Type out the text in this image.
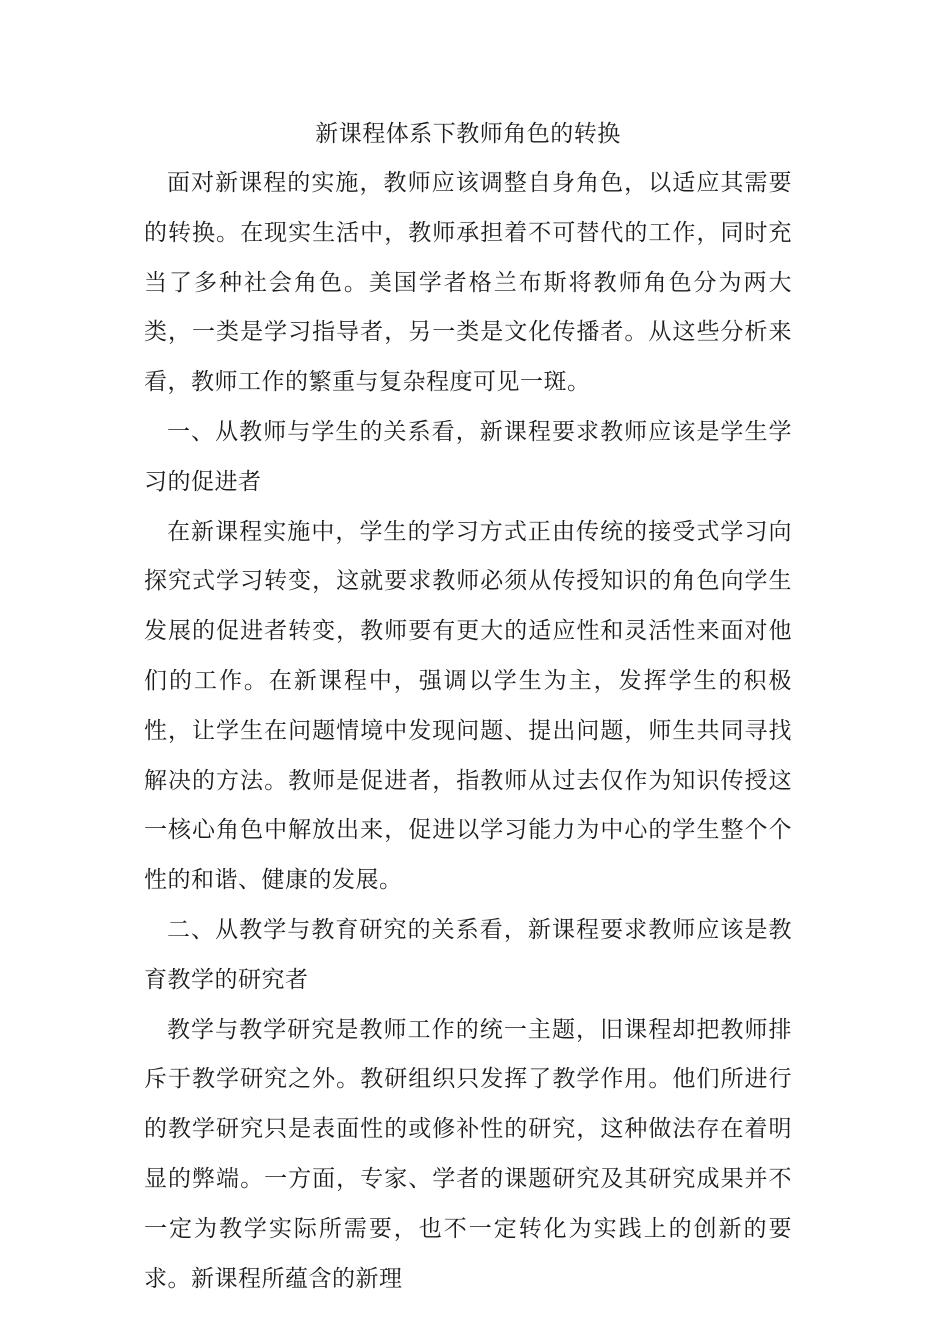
新课程体系下教师角色的转换

面对新课程的实施，教师应该调整自身角色，以适应其需要的转换。在现实生活中，教师承担着不可替代的工作，同时充当了多种社会角色。美国学者格兰布斯将教师角色分为两大类，一类是学习指导者，另一类是文化传播者。从这些分析来看，教师工作的繁重与复杂程度可见一斑。

一、从教师与学生的关系看，新课程要求教师应该是学生学习的促进者

在新课程实施中，学生的学习方式正由传统的接受式学习向探究式学习转变，这就要求教师必须从传授知识的角色向学生发展的促进者转变，教师要有更大的适应性和灵活性来面对他们的工作。在新课程中，强调以学生为主，发挥学生的积极性，让学生在问题情境中发现问题、提出问题，师生共同寻找解决的方法。教师是促进者，指教师从过去仅作为知识传授这一核心角色中解放出来，促进以学习能力为中心的学生整个个性的和谐、健康的发展。

二、从教学与教育研究的关系看，新课程要求教师应该是教育教学的研究者

教学与教学研究是教师工作的统一主题，旧课程却把教师排斥于教学研究之外。教研组织只发挥了教学作用。他们所进行的教学研究只是表面性的或修补性的研究，这种做法存在着明显的弊端。一方面，专家、学者的课题研究及其研究成果并不一定为教学实际所需要，也不一定转化为实践上的创新的要求。新课程所蕴含的新理
